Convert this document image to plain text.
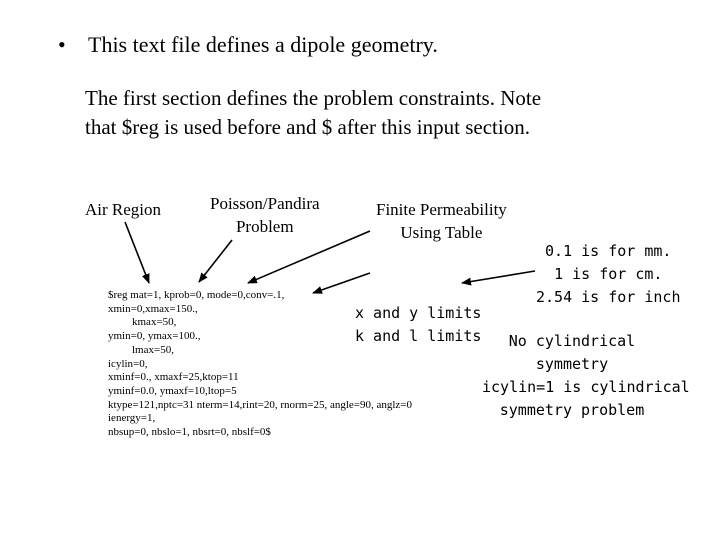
• This text file defines a dipole geometry.
The first section defines the problem constraints. Note
that $reg is used before and $ after this input section.
Air Region	Poisson/Pandira
Problem
Finite Permeability
Using Table
0.1 is for mm.
1 is for cm.
2.54 is for inch
x and y limits
k and l limits	No cylindrical
symmetry
icylin=1 is cylindrical
symmetry problem
$reg mat=1, kprob=0, mode=0,conv=.1,
xmin=0,xmax=150.,
kmax=50,
ymin=0, ymax=100.,
lmax=50,
icylin=0,
xminf=0., xmaxf=25,ktop=11
yminf=0.0, ymaxf=10,ltop=5
ktype=121,nptc=31 nterm=14,rint=20, rnorm=25, angle=90, anglz=0
ienergy=1,
nbsup=0, nbslo=1, nbsrt=0, nbslf=0$
